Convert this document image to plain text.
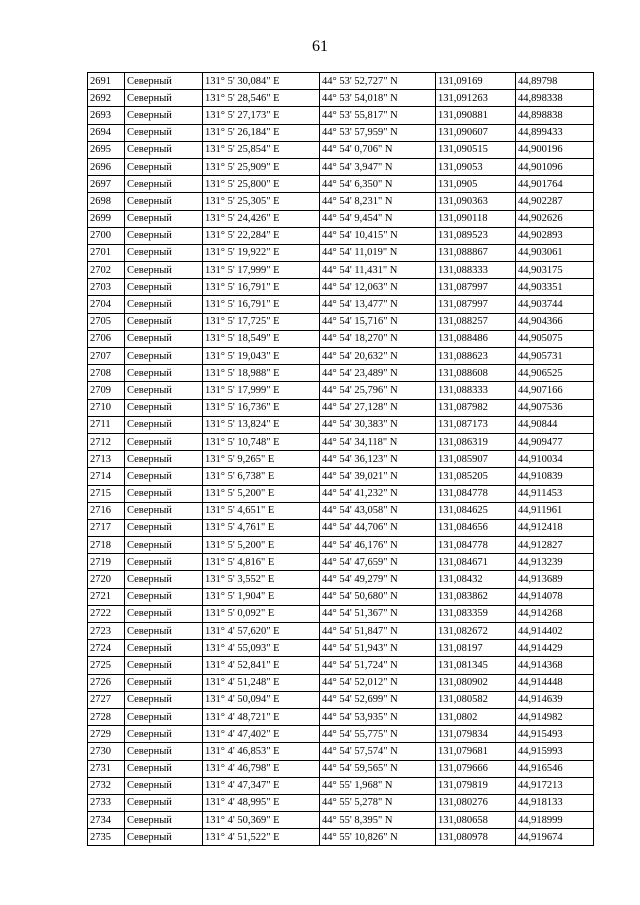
61
2691	Северный	131° 5' 30,084" E	44° 53' 52,727" N	131,09169	44,89798
2692	Северный	131° 5' 28,546" E	44° 53' 54,018" N	131,091263	44,898338
2693	Северный	131° 5' 27,173" E	44° 53' 55,817" N	131,090881	44,898838
2694	Северный	131° 5' 26,184" E	44° 53' 57,959" N	131,090607	44,899433
2695	Северный	131° 5' 25,854" E	44° 54' 0,706" N	131,090515	44,900196
2696	Северный	131° 5' 25,909" E	44° 54' 3,947" N	131,09053	44,901096
2697	Северный	131° 5' 25,800" E	44° 54' 6,350" N	131,0905	44,901764
2698	Северный	131° 5' 25,305" E	44° 54' 8,231" N	131,090363	44,902287
2699	Северный	131° 5' 24,426" E	44° 54' 9,454" N	131,090118	44,902626
2700	Северный	131° 5' 22,284" E	44° 54' 10,415" N	131,089523	44,902893
2701	Северный	131° 5' 19,922" E	44° 54' 11,019" N	131,088867	44,903061
2702	Северный	131° 5' 17,999" E	44° 54' 11,431" N	131,088333	44,903175
2703	Северный	131° 5' 16,791" E	44° 54' 12,063" N	131,087997	44,903351
2704	Северный	131° 5' 16,791" E	44° 54' 13,477" N	131,087997	44,903744
2705	Северный	131° 5' 17,725" E	44° 54' 15,716" N	131,088257	44,904366
2706	Северный	131° 5' 18,549" E	44° 54' 18,270" N	131,088486	44,905075
2707	Северный	131° 5' 19,043" E	44° 54' 20,632" N	131,088623	44,905731
2708	Северный	131° 5' 18,988" E	44° 54' 23,489" N	131,088608	44,906525
2709	Северный	131° 5' 17,999" E	44° 54' 25,796" N	131,088333	44,907166
2710	Северный	131° 5' 16,736" E	44° 54' 27,128" N	131,087982	44,907536
2711	Северный	131° 5' 13,824" E	44° 54' 30,383" N	131,087173	44,90844
2712	Северный	131° 5' 10,748" E	44° 54' 34,118" N	131,086319	44,909477
2713	Северный	131° 5' 9,265" E	44° 54' 36,123" N	131,085907	44,910034
2714	Северный	131° 5' 6,738" E	44° 54' 39,021" N	131,085205	44,910839
2715	Северный	131° 5' 5,200" E	44° 54' 41,232" N	131,084778	44,911453
2716	Северный	131° 5' 4,651" E	44° 54' 43,058" N	131,084625	44,911961
2717	Северный	131° 5' 4,761" E	44° 54' 44,706" N	131,084656	44,912418
2718	Северный	131° 5' 5,200" E	44° 54' 46,176" N	131,084778	44,912827
2719	Северный	131° 5' 4,816" E	44° 54' 47,659" N	131,084671	44,913239
2720	Северный	131° 5' 3,552" E	44° 54' 49,279" N	131,08432	44,913689
2721	Северный	131° 5' 1,904" E	44° 54' 50,680" N	131,083862	44,914078
2722	Северный	131° 5' 0,092" E	44° 54' 51,367" N	131,083359	44,914268
2723	Северный	131° 4' 57,620" E	44° 54' 51,847" N	131,082672	44,914402
2724	Северный	131° 4' 55,093" E	44° 54' 51,943" N	131,08197	44,914429
2725	Северный	131° 4' 52,841" E	44° 54' 51,724" N	131,081345	44,914368
2726	Северный	131° 4' 51,248" E	44° 54' 52,012" N	131,080902	44,914448
2727	Северный	131° 4' 50,094" E	44° 54' 52,699" N	131,080582	44,914639
2728	Северный	131° 4' 48,721" E	44° 54' 53,935" N	131,0802	44,914982
2729	Северный	131° 4' 47,402" E	44° 54' 55,775" N	131,079834	44,915493
2730	Северный	131° 4' 46,853" E	44° 54' 57,574" N	131,079681	44,915993
2731	Северный	131° 4' 46,798" E	44° 54' 59,565" N	131,079666	44,916546
2732	Северный	131° 4' 47,347" E	44° 55' 1,968" N	131,079819	44,917213
2733	Северный	131° 4' 48,995" E	44° 55' 5,278" N	131,080276	44,918133
2734	Северный	131° 4' 50,369" E	44° 55' 8,395" N	131,080658	44,918999
2735	Северный	131° 4' 51,522" E	44° 55' 10,826" N	131,080978	44,919674
